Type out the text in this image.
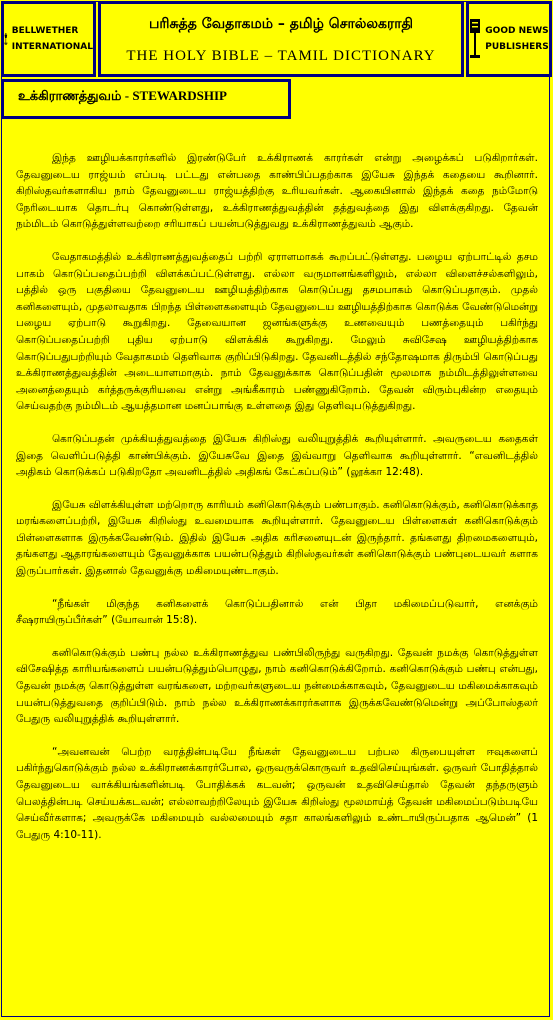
BELLWETHER
INTERNATIONAL
பரிசுத்த வேதாகமம் – தமிழ் சொல்லகராதி
THE HOLY BIBLE – TAMIL DICTIONARY
GOOD NEWS
PUBLISHERS
உக்கிராணத்துவம் - STEWARDSHIP

இந்த ஊழியக்காரர்களில் இரண்டுபேர் உக்கிராணக் காரர்கள் என்று அழைக்கப் படுகிறார்கள். தேவனுடைய ராஜ்யம் எப்படி பட்டது என்பதை காண்பிப்பதற்காக இயேசு இந்தக் கதையை கூறினார். கிறிஸ்தவர்களாகிய நாம் தேவனுடைய ராஜ்யத்திற்கு உரியவர்கள். ஆகையினால் இந்தக் கதை நம்மோடு நேரிடையாக தொடர்பு கொண்டுள்ளது, உக்கிராணத்துவத்தின் தத்துவத்தை இது விளக்குகிறது. தேவன் நம்மிடம் கொடுத்துள்ளவற்றை சரியாகப் பயன்படுத்துவது உக்கிராணத்துவம் ஆகும்.

வேதாகமத்தில் உக்கிராணத்துவத்தைப் பற்றி ஏராளமாகக் கூறப்பட்டுள்ளது. பழைய ஏற்பாட்டில் தசம பாகம் கொடுப்பதைப்பற்றி விளக்கப்பட்டுள்ளது. எல்லா வருமானங்களிலும், எல்லா விளைச்சல்களிலும், பத்தில் ஒரு பகுதியை தேவனுடைய ஊழியத்திற்காக கொடுப்பது தசமபாகம் கொடுப்பதாகும். முதல் கனிகளையும், முதலாவதாக பிறந்த பிள்ளைகளையும் தேவனுடைய ஊழியத்திற்காக கொடுக்க வேண்டுமென்று பழைய ஏற்பாடு கூறுகிறது. தேவையான ஜனங்களுக்கு உணவையும் பணத்தையும் பகிர்ந்து கொடுப்பதைப்பற்றி புதிய ஏற்பாடு விளக்கிக் கூறுகிறது. மேலும் சுவிசேஷ ஊழியத்திற்காக கொடுப்பதுபற்றியும் வேதாகமம் தெளிவாக குறிப்பிடுகிறது. தேவனிடத்தில் சந்தோஷமாக திரும்பி கொடுப்பது உக்கிராணத்துவத்தின் அடையாளமாகும். நாம் தேவனுக்காக கொடுப்பதின் மூலமாக நம்மிடத்திலுள்ளவை அனைத்தையும் கர்த்தருக்குரியவை என்று அங்கீகாரம் பண்ணுகிறோம். தேவன் விரும்புகின்ற எதையும் செய்வதற்கு நம்மிடம் ஆயத்தமான மனப்பாங்கு உள்ளதை இது தெளிவுபடுத்துகிறது.

கொடுப்பதன் முக்கியத்துவத்தை இயேசு கிறிஸ்து வலியுறுத்திக் கூறியுள்ளார். அவருடைய கதைகள் இதை வெளிப்படுத்தி காண்பிக்கும். இயேசுவே இதை இவ்வாறு தெளிவாக கூறியுள்ளார். “எவனிடத்தில் அதிகம் கொடுக்கப் படுகிறதோ அவனிடத்தில் அதிகங் கேட்கப்படும்” (லூக்கா 12:48).

இயேசு விளக்கியுள்ள மற்றொரு காரியம் கனிகொடுக்கும் பண்பாகும். கனிகொடுக்கும், கனிகொடுக்காத மரங்களைப்பற்றி, இயேசு கிறிஸ்து உவமையாக கூறியுள்ளார். தேவனுடைய பிள்ளைகள் கனிகொடுக்கும் பிள்ளைகளாக இருக்கவேண்டும். இதில் இயேசு அதிக கரிசனையுடன் இருந்தார். தங்களது திறமைகளையும், தங்களது ஆதாரங்களையும் தேவனுக்காக பயன்படுத்தும் கிறிஸ்தவர்கள் கனிகொடுக்கும் பண்புடையவர் களாக இருப்பார்கள். இதனால் தேவனுக்கு மகிமையுண்டாகும்.

“நீங்கள் மிகுந்த கனிகளைக் கொடுப்பதினால் என் பிதா மகிமைப்படுவார், எனக்கும் சீஷராயிருப்பீர்கள்” (யோவான் 15:8).

கனிகொடுக்கும் பண்பு நல்ல உக்கிராணத்துவ பண்பிலிருந்து வருகிறது. தேவன் நமக்கு கொடுத்துள்ள விசேஷித்த காரியங்களைப் பயன்படுத்தும்பொழுது, நாம் கனிகொடுக்கிறோம். கனிகொடுக்கும் பண்பு என்பது, தேவன் நமக்கு கொடுத்துள்ள வரங்களை, மற்றவர்களுடைய நன்மைக்காகவும், தேவனுடைய மகிமைக்காகவும் பயன்படுத்துவதை குறிப்பிடும். நாம் நல்ல உக்கிராணக்காரர்களாக இருக்கவேண்டுமென்று அப்போஸ்தலர் பேதுரு வலியுறுத்திக் கூறியுள்ளார்.

“அவனவன் பெற்ற வரத்தின்படியே நீங்கள் தேவனுடைய பற்பல கிருபையுள்ள ஈவுகளைப் பகிர்ந்துகொடுக்கும் நல்ல உக்கிராணக்காரர்போல, ஒருவருக்கொருவர் உதவிசெய்யுங்கள். ஒருவர் போதித்தால் தேவனுடைய வாக்கியங்களின்படி போதிக்கக் கடவன்; ஒருவன் உதவிசெய்தால் தேவன் தந்தருளும் பெலத்தின்படி செய்யக்கடவன்; எல்லாவற்றிலேயும் இயேசு கிறிஸ்து மூலமாய்த் தேவன் மகிமைப்படும்படியே செய்வீர்களாக; அவருக்கே மகிமையும் வல்லமையும் சதா காலங்களிலும் உண்டாயிருப்பதாக ஆமென்” (1 பேதுரு 4:10-11).
